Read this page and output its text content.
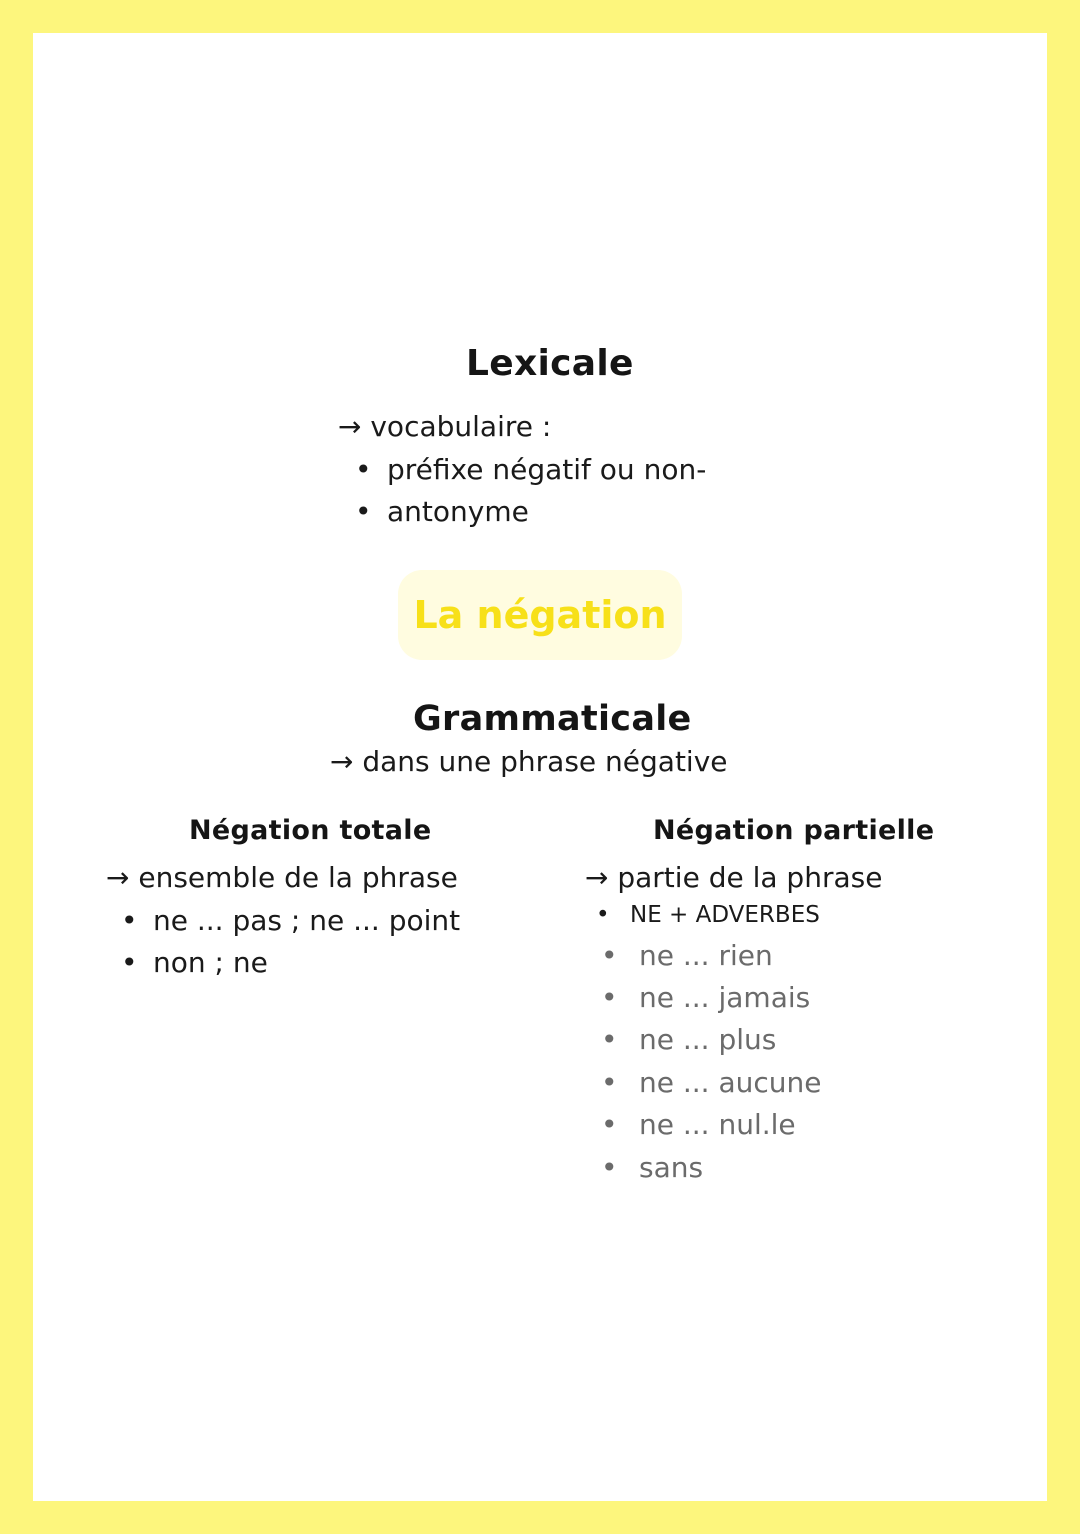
Lexicale
→ vocabulaire :
• préfixe négatif ou non-
• antonyme
La négation
Grammaticale
→ dans une phrase négative
Négation totale
→ ensemble de la phrase
• ne ... pas ; ne ... point
• non ; ne
Négation partielle
→ partie de la phrase
• NE + ADVERBES
• ne ... rien
• ne ... jamais
• ne ... plus
• ne ... aucune
• ne ... nul.le
• sans
